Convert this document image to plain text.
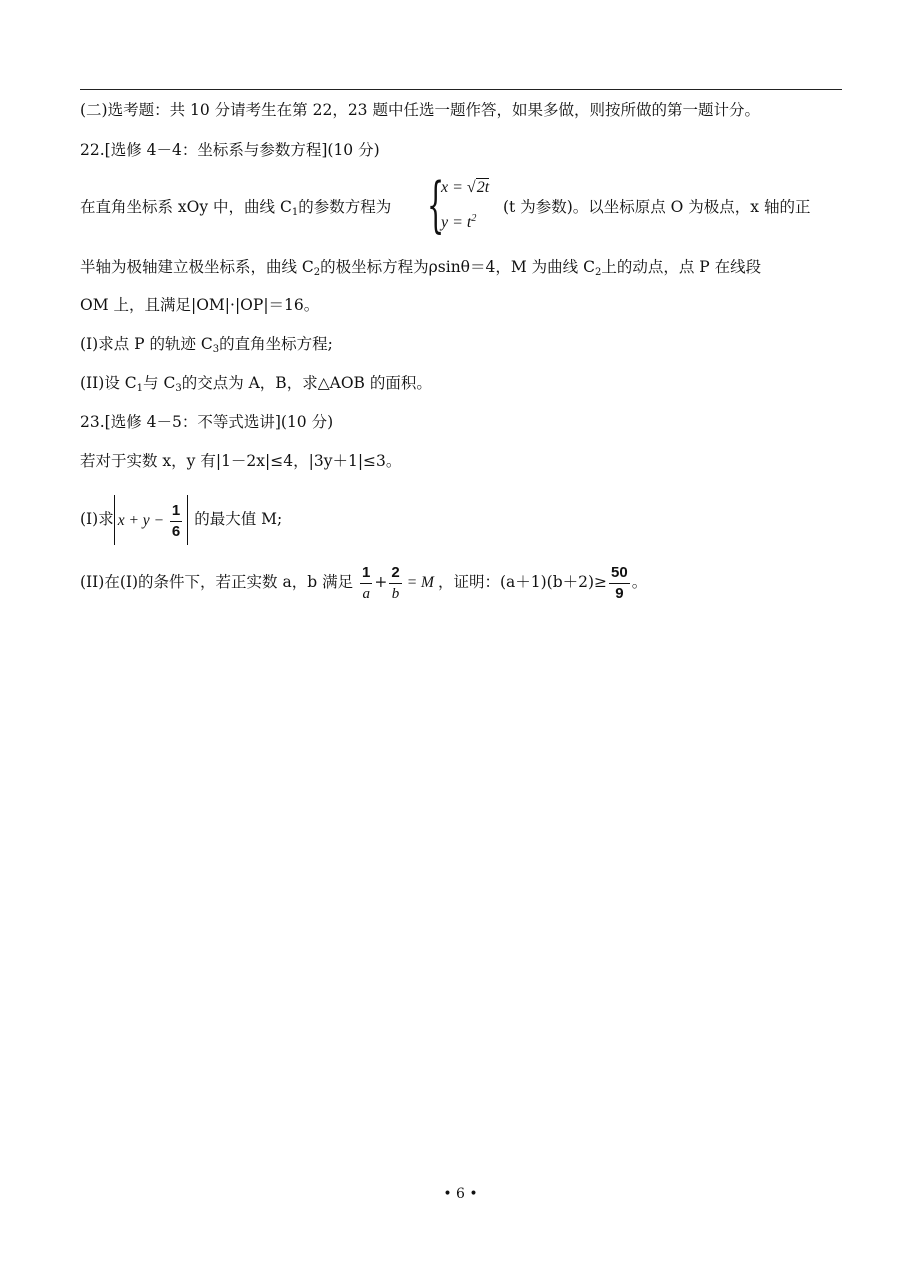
(二)选考题：共 10 分请考生在第 22，23 题中任选一题作答，如果多做，则按所做的第一题计分。
22.[选修 4－4：坐标系与参数方程](10 分)
在直角坐标系 xOy 中，曲线 $C_1$的参数方程为 {
x = √2t
$y = t^2$
(t 为参数)。以坐标原点 O 为极点，x 轴的正
半轴为极轴建立极坐标系，曲线 $C_2$的极坐标方程为ρsinθ＝4，M 为曲线 $C_2$上的动点，点 P 在线段
OM 上，且满足|OM|·|OP|＝16。
(I)求点 P 的轨迹 $C_3$的直角坐标方程;
(II)设 $C_1$与 $C_3$的交点为 A，B，求△AOB 的面积。
23.[选修 4－5：不等式选讲](10 分)
若对于实数 x，y 有|1－2x|≤4，|3y＋1|≤3。
(I)求 $x + y - \frac{1}{6}$ 的最大值 M;
(II)在(I)的条件下，若正实数 a，b 满足 $\frac{1}{a} + \frac{2}{b} = M$ ，证明：$(a+1)(b+2)\ge \frac{50}{9}$ 。
• 6 •
